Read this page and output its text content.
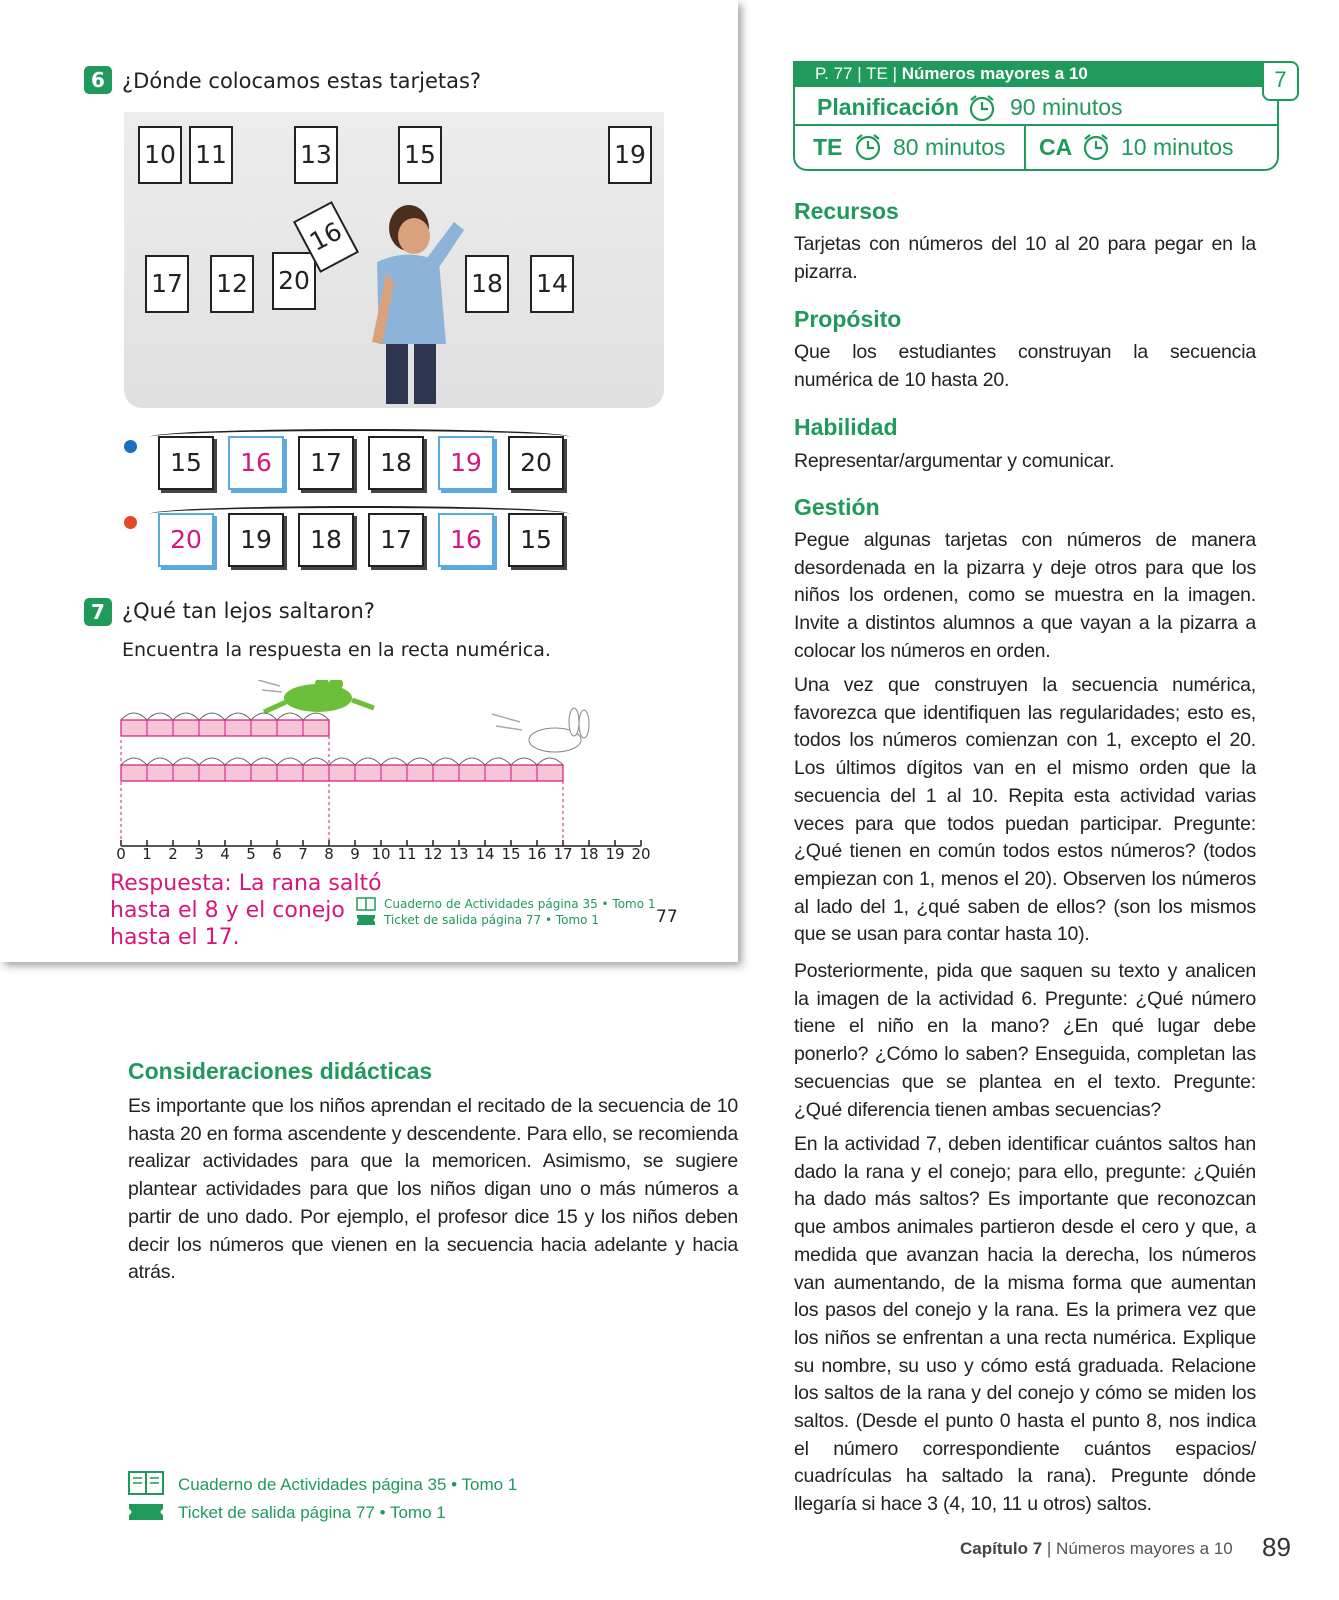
6 ¿Dónde colocamos estas tarjetas?
10 11	13	15	19
17 12 20	18 14
16
15	16	17	18	19	20
20	19	18	17	16	15
7 ¿Qué tan lejos saltaron?
Encuentra la respuesta en la recta numérica.
0	1	2	3	4	5	6	7	8	9 10 11 12 13 14 15 16 17 18 19 20
Respuesta: La rana saltó
hasta el 8 y el conejo
hasta el 17.
Cuaderno de Actividades página 35 • Tomo 1
Ticket de salida página 77 • Tomo 1	77
P. 77 | TE | Números mayores a 10	7
Planificación 90 minutos
TE 80 minutos CA 10 minutos
Recursos
Tarjetas con números del 10 al 20 para pegar en la pizarra.
Propósito
Que los estudiantes construyan la secuencia numérica de 10 hasta 20.
Habilidad
Representar/argumentar y comunicar.
Gestión
Pegue algunas tarjetas con números de manera desordenada en la pizarra y deje otros para que los niños los ordenen, como se muestra en la imagen. Invite a distintos alumnos a que vayan a la pizarra a colocar los números en orden.
Una vez que construyen la secuencia numérica, favorezca que identifiquen las regularidades; esto es, todos los números comienzan con 1, excepto el 20. Los últimos dígitos van en el mismo orden que la secuencia del 1 al 10. Repita esta actividad varias veces para que todos puedan participar. Pregunte: ¿Qué tienen en común todos estos números? (todos empiezan con 1, menos el 20). Observen los números al lado del 1, ¿qué saben de ellos? (son los mismos que se usan para contar hasta 10).
Posteriormente, pida que saquen su texto y analicen la imagen de la actividad 6. Pregunte: ¿Qué número tiene el niño en la mano? ¿En qué lugar debe ponerlo? ¿Cómo lo saben? Enseguida, completan las secuencias que se plantea en el texto. Pregunte: ¿Qué diferencia tienen ambas secuencias?
En la actividad 7, deben identificar cuántos saltos han dado la rana y el conejo; para ello, pregunte: ¿Quién ha dado más saltos? Es importante que reconozcan que ambos animales partieron desde el cero y que, a medida que avanzan hacia la derecha, los números van aumentando, de la misma forma que aumentan los pasos del conejo y la rana. Es la primera vez que los niños se enfrentan a una recta numérica. Explique su nombre, su uso y cómo está graduada. Relacione los saltos de la rana y del conejo y cómo se miden los saltos. (Desde el punto 0 hasta el punto 8, nos indica el número correspondiente cuántos espacios/ cuadrículas ha saltado la rana). Pregunte dónde llegaría si hace 3 (4, 10, 11 u otros) saltos.
Consideraciones didácticas
Es importante que los niños aprendan el recitado de la secuencia de 10 hasta 20 en forma ascendente y descendente. Para ello, se recomienda realizar actividades para que la memoricen. Asimismo, se sugiere plantear actividades para que los niños digan uno o más números a partir de uno dado. Por ejemplo, el profesor dice 15 y los niños deben decir los números que vienen en la secuencia hacia adelante y hacia atrás.
Cuaderno de Actividades página 35 • Tomo 1
Ticket de salida página 77 • Tomo 1
Capítulo 7 | Números mayores a 10 89
